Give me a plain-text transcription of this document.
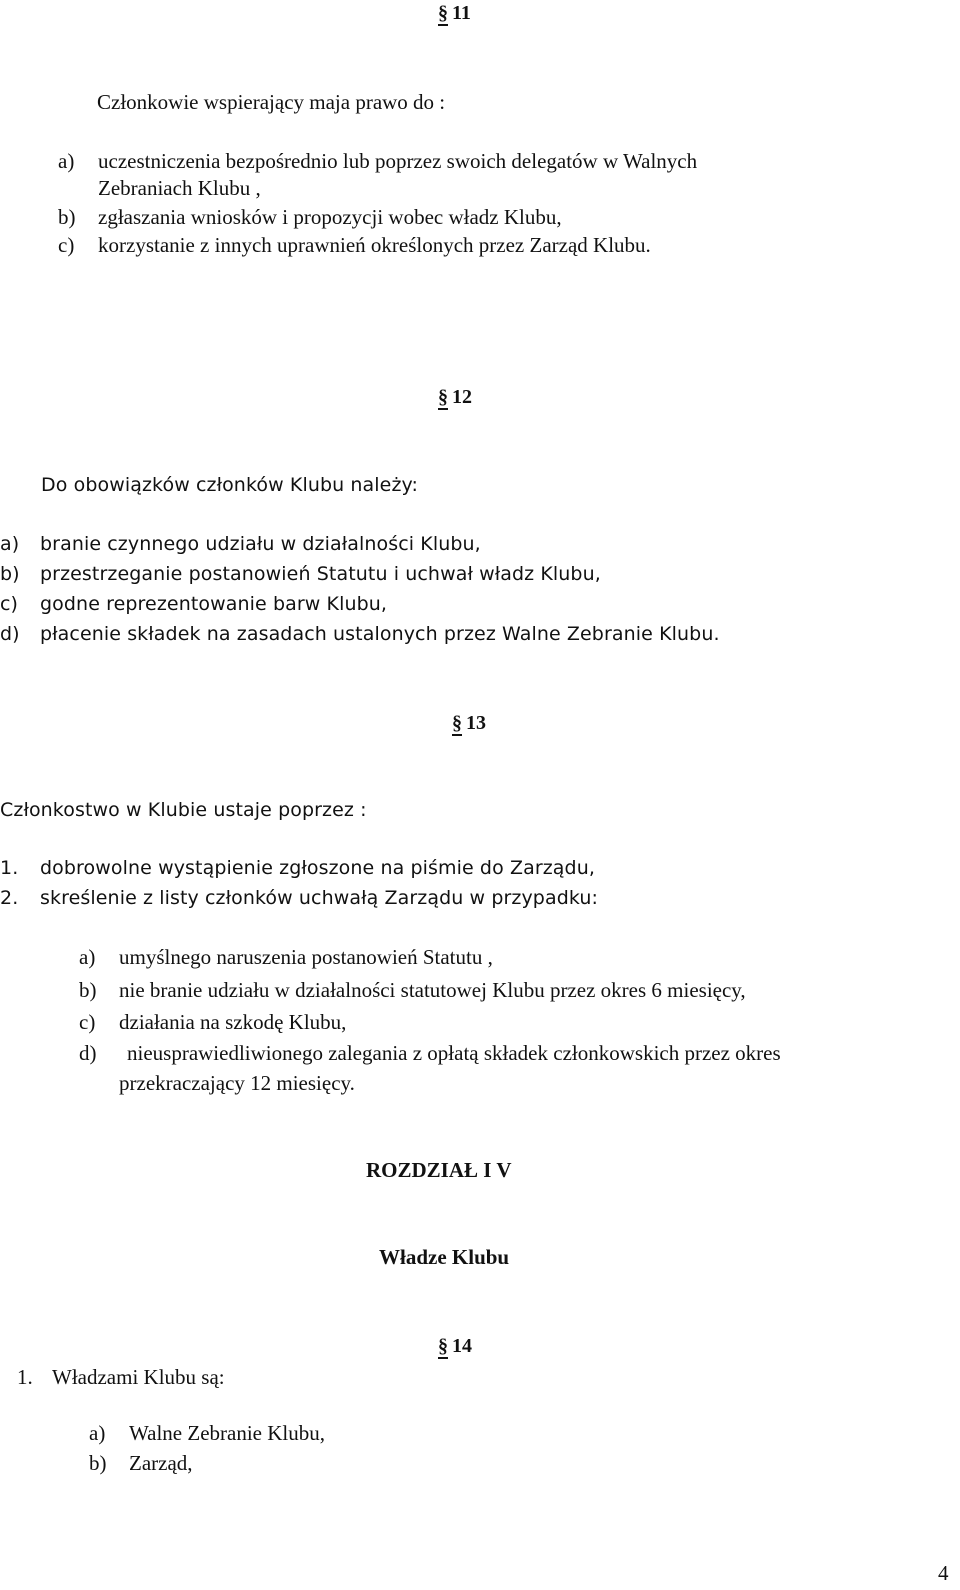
§ 11
Członkowie wspierający maja prawo do :
a) uczestniczenia bezpośrednio lub poprzez swoich delegatów w Walnych
Zebraniach Klubu ,
b) zgłaszania wniosków i propozycji wobec władz Klubu,
c) korzystanie z innych uprawnień określonych przez Zarząd Klubu.
§ 12
Do obowiązków członków Klubu należy:
a) branie czynnego udziału w działalności Klubu,
b) przestrzeganie postanowień Statutu i uchwał władz Klubu,
c) godne reprezentowanie barw Klubu,
d) płacenie składek na zasadach ustalonych przez Walne Zebranie Klubu.
§ 13
Członkostwo w Klubie ustaje poprzez :
1. dobrowolne wystąpienie zgłoszone na piśmie do Zarządu,
2. skreślenie z listy członków uchwałą Zarządu w przypadku:
a) umyślnego naruszenia postanowień Statutu ,
b) nie branie udziału w działalności statutowej Klubu przez okres 6 miesięcy,
c) działania na szkodę Klubu,
d) nieusprawiedliwionego zalegania z opłatą składek członkowskich przez okres
przekraczający 12 miesięcy.
ROZDZIAŁ I V
Władze Klubu
§ 14
1. Władzami Klubu są:
a) Walne Zebranie Klubu,
b) Zarząd,
4
